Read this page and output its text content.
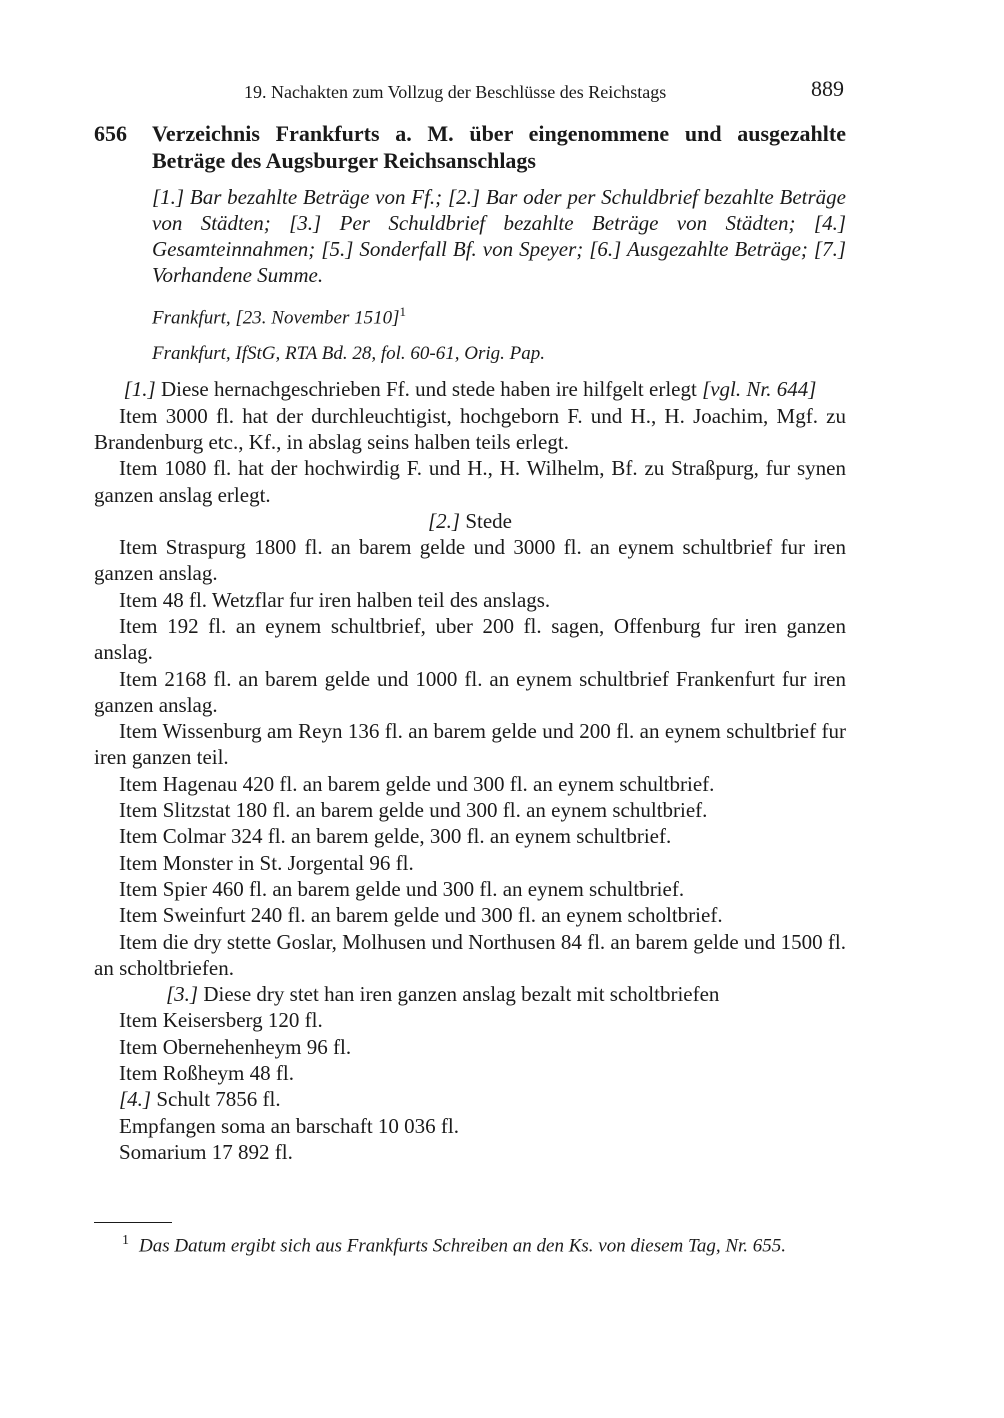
19. Nachakten zum Vollzug der Beschlüsse des Reichstags	889
656	Verzeichnis Frankfurts a. M. über eingenommene und ausgezahlte Beträge des Augsburger Reichsanschlags
[1.] Bar bezahlte Beträge von Ff.; [2.] Bar oder per Schuldbrief bezahlte Beträge von Städten; [3.] Per Schuldbrief bezahlte Beträge von Städten; [4.] Gesamteinnahmen; [5.] Sonderfall Bf. von Speyer; [6.] Ausgezahlte Beträge; [7.] Vorhandene Summe.
Frankfurt, [23. November 1510]$^1$
Frankfurt, IfStG, RTA Bd. 28, fol. 60-61, Orig. Pap.
[1.] Diese hernachgeschrieben Ff. und stede haben ire hilfgelt erlegt [vgl. Nr. 644]
Item 3000 fl. hat der durchleuchtigist, hochgeborn F. und H., H. Joachim, Mgf. zu Brandenburg etc., Kf., in abslag seins halben teils erlegt.
Item 1080 fl. hat der hochwirdig F. und H., H. Wilhelm, Bf. zu Straßpurg, fur synen ganzen anslag erlegt.
[2.] Stede
Item Straspurg 1800 fl. an barem gelde und 3000 fl. an eynem schultbrief fur iren ganzen anslag.
Item 48 fl. Wetzflar fur iren halben teil des anslags.
Item 192 fl. an eynem schultbrief, uber 200 fl. sagen, Offenburg fur iren ganzen anslag.
Item 2168 fl. an barem gelde und 1000 fl. an eynem schultbrief Frankenfurt fur iren ganzen anslag.
Item Wissenburg am Reyn 136 fl. an barem gelde und 200 fl. an eynem schultbrief fur iren ganzen teil.
Item Hagenau 420 fl. an barem gelde und 300 fl. an eynem schultbrief.
Item Slitzstat 180 fl. an barem gelde und 300 fl. an eynem schultbrief.
Item Colmar 324 fl. an barem gelde, 300 fl. an eynem schultbrief.
Item Monster in St. Jorgental 96 fl.
Item Spier 460 fl. an barem gelde und 300 fl. an eynem schultbrief.
Item Sweinfurt 240 fl. an barem gelde und 300 fl. an eynem scholtbrief.
Item die dry stette Goslar, Molhusen und Northusen 84 fl. an barem gelde und 1500 fl. an scholtbriefen.
[3.] Diese dry stet han iren ganzen anslag bezalt mit scholtbriefen
Item Keisersberg 120 fl.
Item Obernehenheym 96 fl.
Item Roßheym 48 fl.
[4.] Schult 7856 fl.
Empfangen soma an barschaft 10 036 fl.
Somarium 17 892 fl.
$^1$ Das Datum ergibt sich aus Frankfurts Schreiben an den Ks. von diesem Tag, Nr. 655.
